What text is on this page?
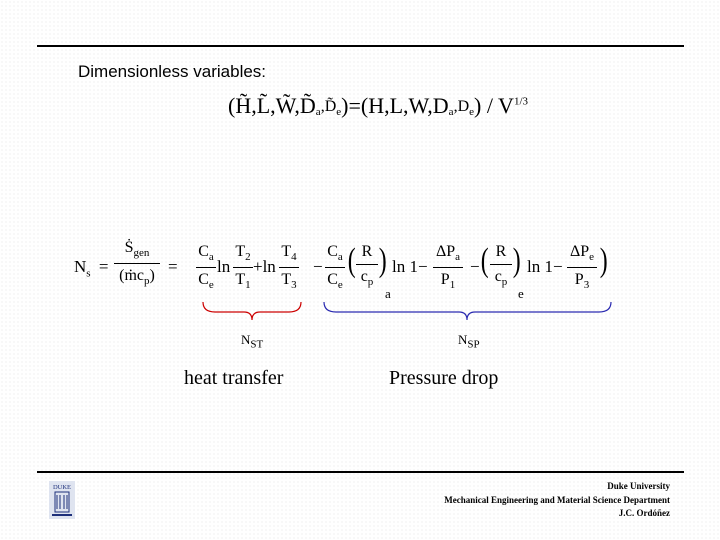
Dimensionless variables:
$(H̃,L̃,W̃,D̃_a,D̃_e)=(H,L,W,D_a,D_e) / V^{1/3}$
$N_s$ =
Ṡ$_{gen}$
(ṁc$_p$) = $\frac{C_a}{C_e}$ $\ln \frac{T_2}{T_1} +\ln \frac{T_4}{T_3} - \frac{C_a}{C_e}$ ( $\frac{R}{c_p}$ )
a
ln 1−
$\Delta P_a$
$P_1$
− ( $\frac{R}{c_p}$ )
e
ln 1−
$\Delta P_e$
$P_3$
)
$N_{ST}$	$N_{SP}$
heat transfer	Pressure drop
DUKE	Duke University
Mechanical Engineering and Material Science Department
J.C. Ordóñez
